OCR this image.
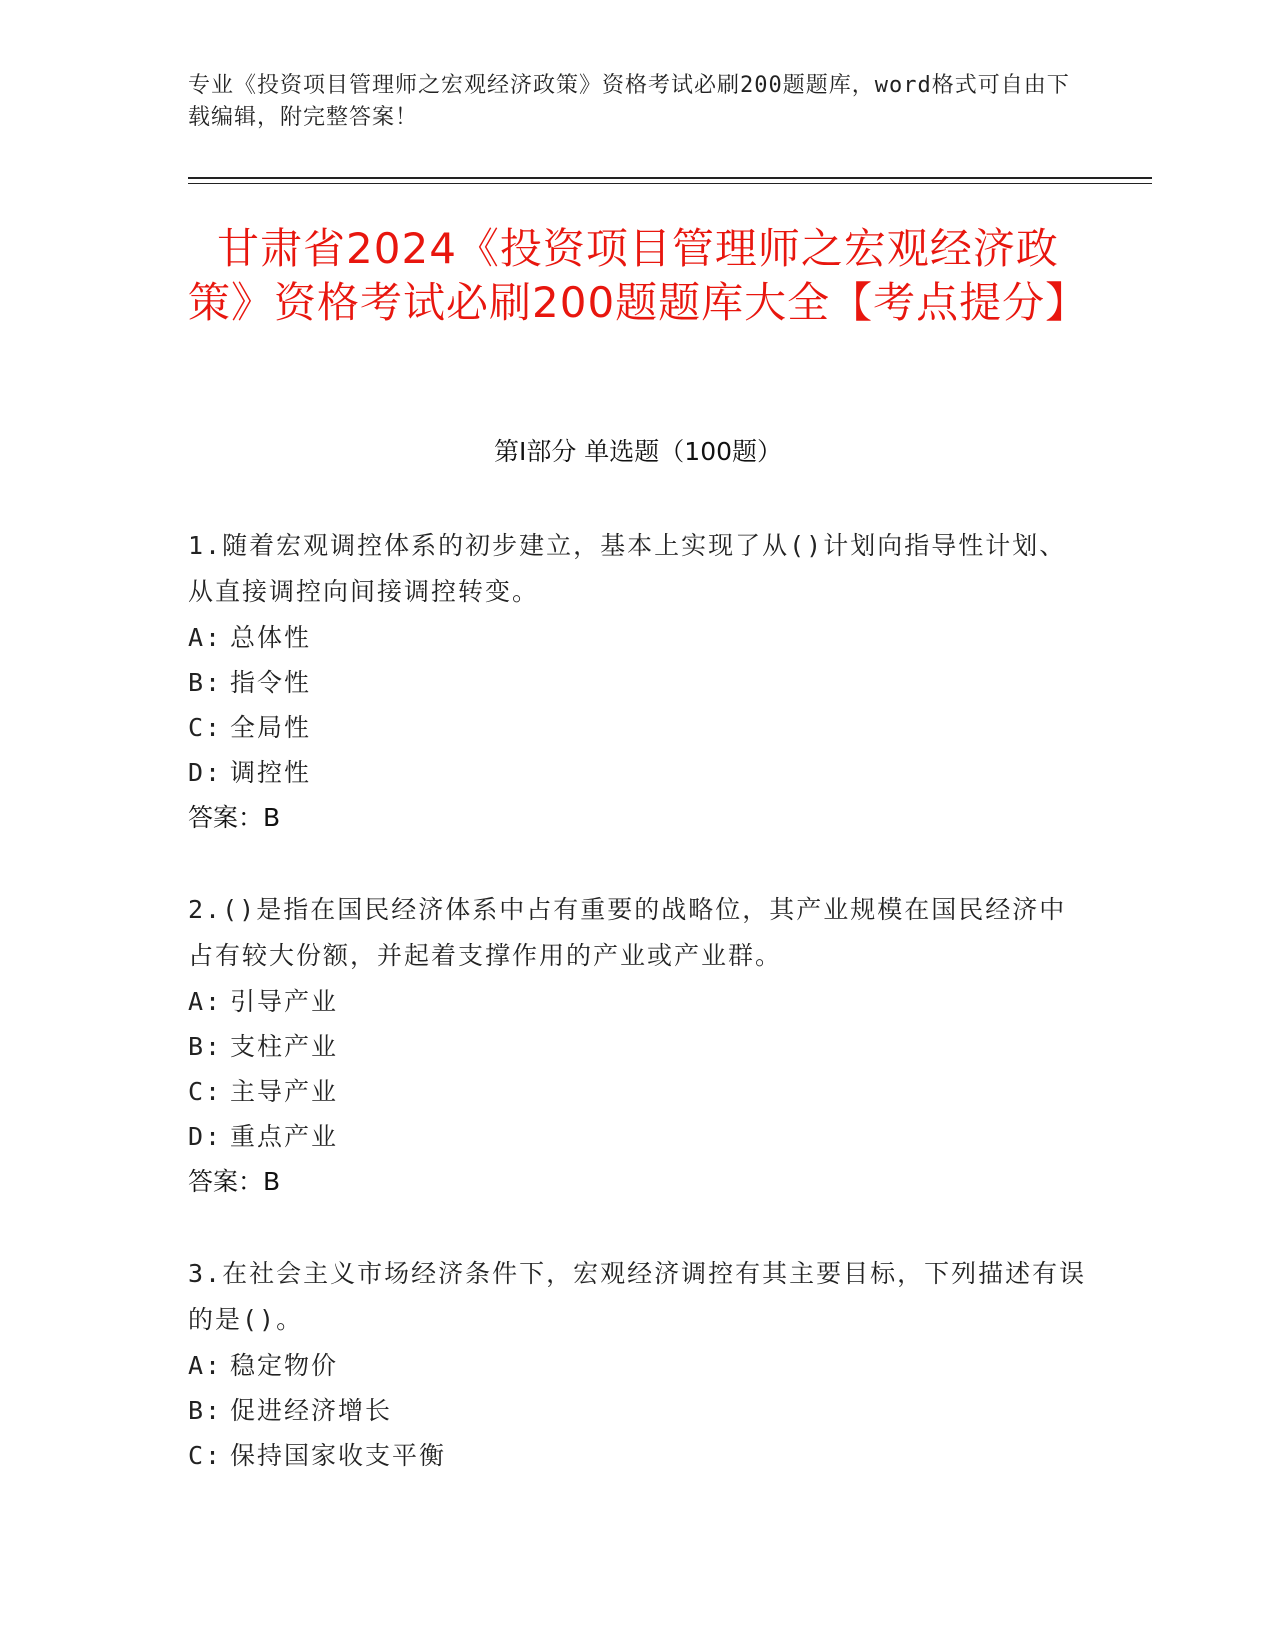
专业《投资项目管理师之宏观经济政策》资格考试必刷200题题库，word格式可自由下载编辑，附完整答案！
甘肃省2024《投资项目管理师之宏观经济政策》资格考试必刷200题题库大全【考点提分】
第I部分 单选题（100题）
1.随着宏观调控体系的初步建立，基本上实现了从()计划向指导性计划、从直接调控向间接调控转变。
A: 总体性
B: 指令性
C: 全局性
D: 调控性
答案：B
2.()是指在国民经济体系中占有重要的战略位，其产业规模在国民经济中占有较大份额，并起着支撑作用的产业或产业群。
A: 引导产业
B: 支柱产业
C: 主导产业
D: 重点产业
答案：B
3.在社会主义市场经济条件下，宏观经济调控有其主要目标，下列描述有误的是()。
A: 稳定物价
B: 促进经济增长
C: 保持国家收支平衡
